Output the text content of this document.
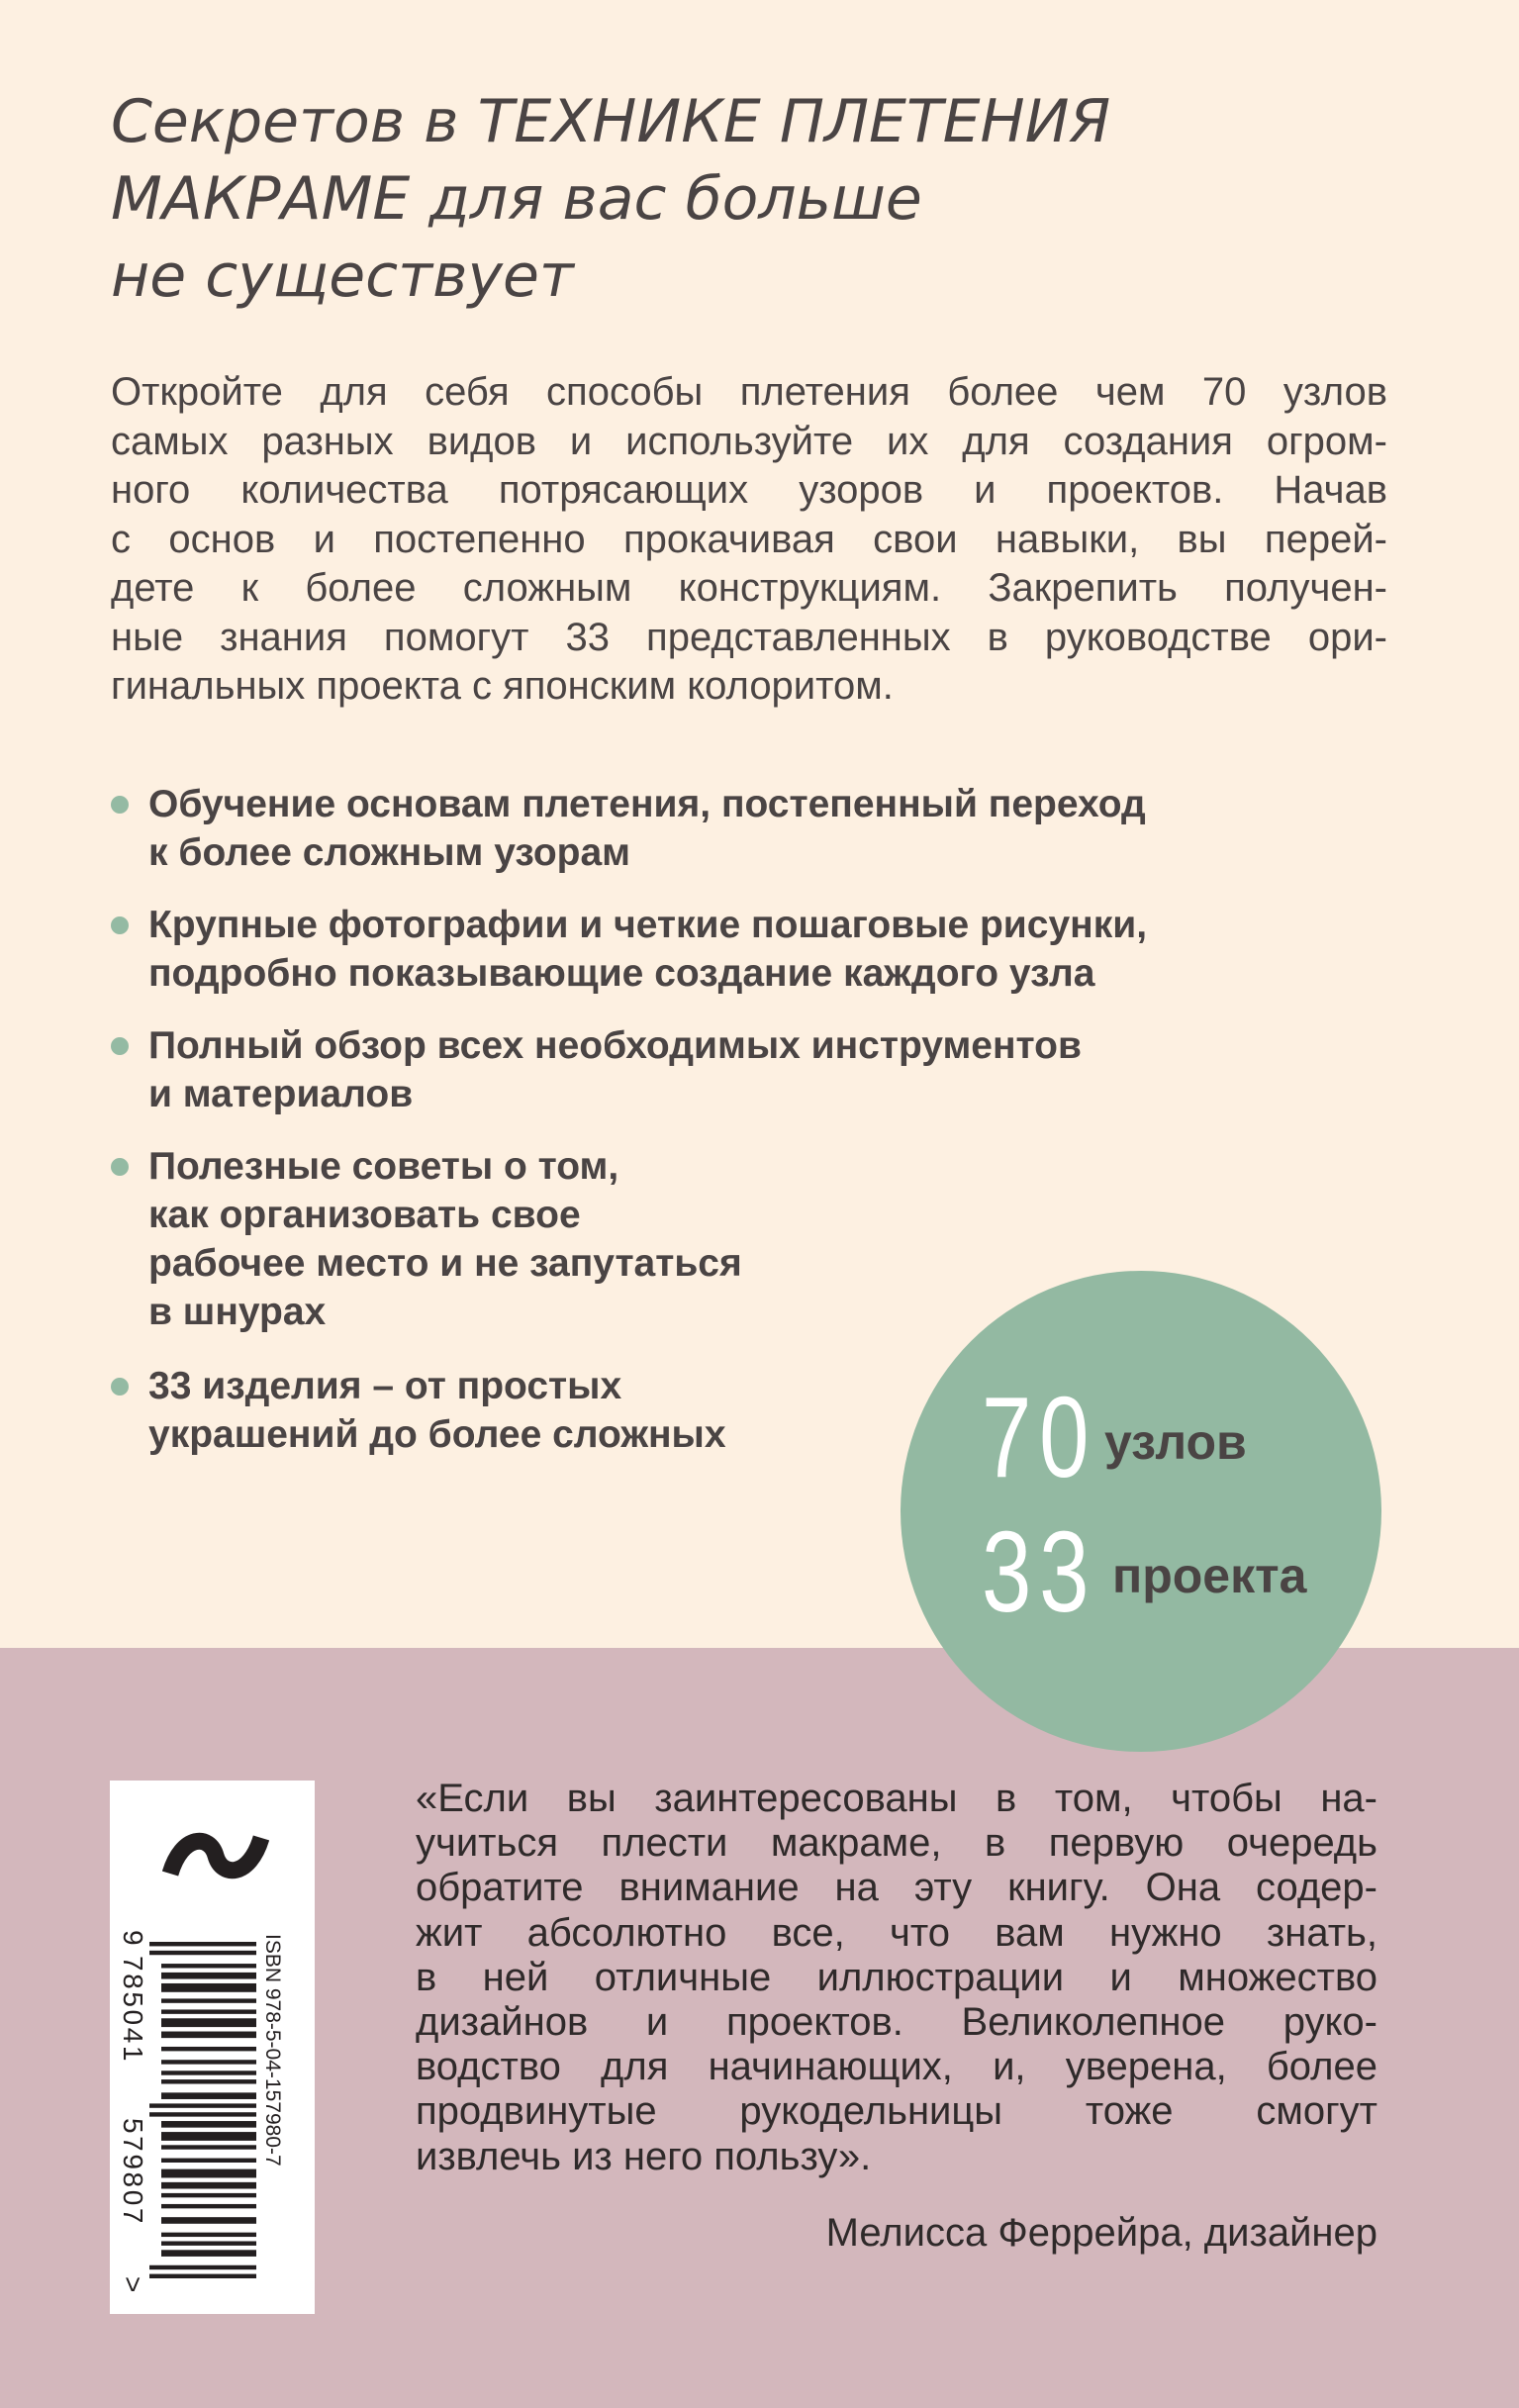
Секретов в ТЕХНИКЕ ПЛЕТЕНИЯ
МАКРАМЕ для вас больше
не существует
Откройте для себя способы плетения более чем 70 узлов
самых разных видов и используйте их для создания огром-
ного количества потрясающих узоров и проектов. Начав
с основ и постепенно прокачивая свои навыки, вы перей-
дете к более сложным конструкциям. Закрепить получен-
ные знания помогут 33 представленных в руководстве ори-
гинальных проекта с японским колоритом.
Обучение основам плетения, постепенный переход
к более сложным узорам
Крупные фотографии и четкие пошаговые рисунки,
подробно показывающие создание каждого узла
Полный обзор всех необходимых инструментов
и материалов
Полезные советы о том,
как организовать свое
рабочее место и не запутаться
в шнурах
33 изделия – от простых
украшений до более сложных 70 узлов
33 проекта
ISBN 978-5-04-157980-7
9
785041
579807
>
«Если вы заинтересованы в том, чтобы на-
учиться плести макраме, в первую очередь
обратите внимание на эту книгу. Она содер-
жит абсолютно все, что вам нужно знать,
в ней отличные иллюстрации и множество
дизайнов и проектов. Великолепное руко-
водство для начинающих, и, уверена, более
продвинутые рукодельницы тоже смогут
извлечь из него пользу».

Мелисса Феррейра, дизайнер
